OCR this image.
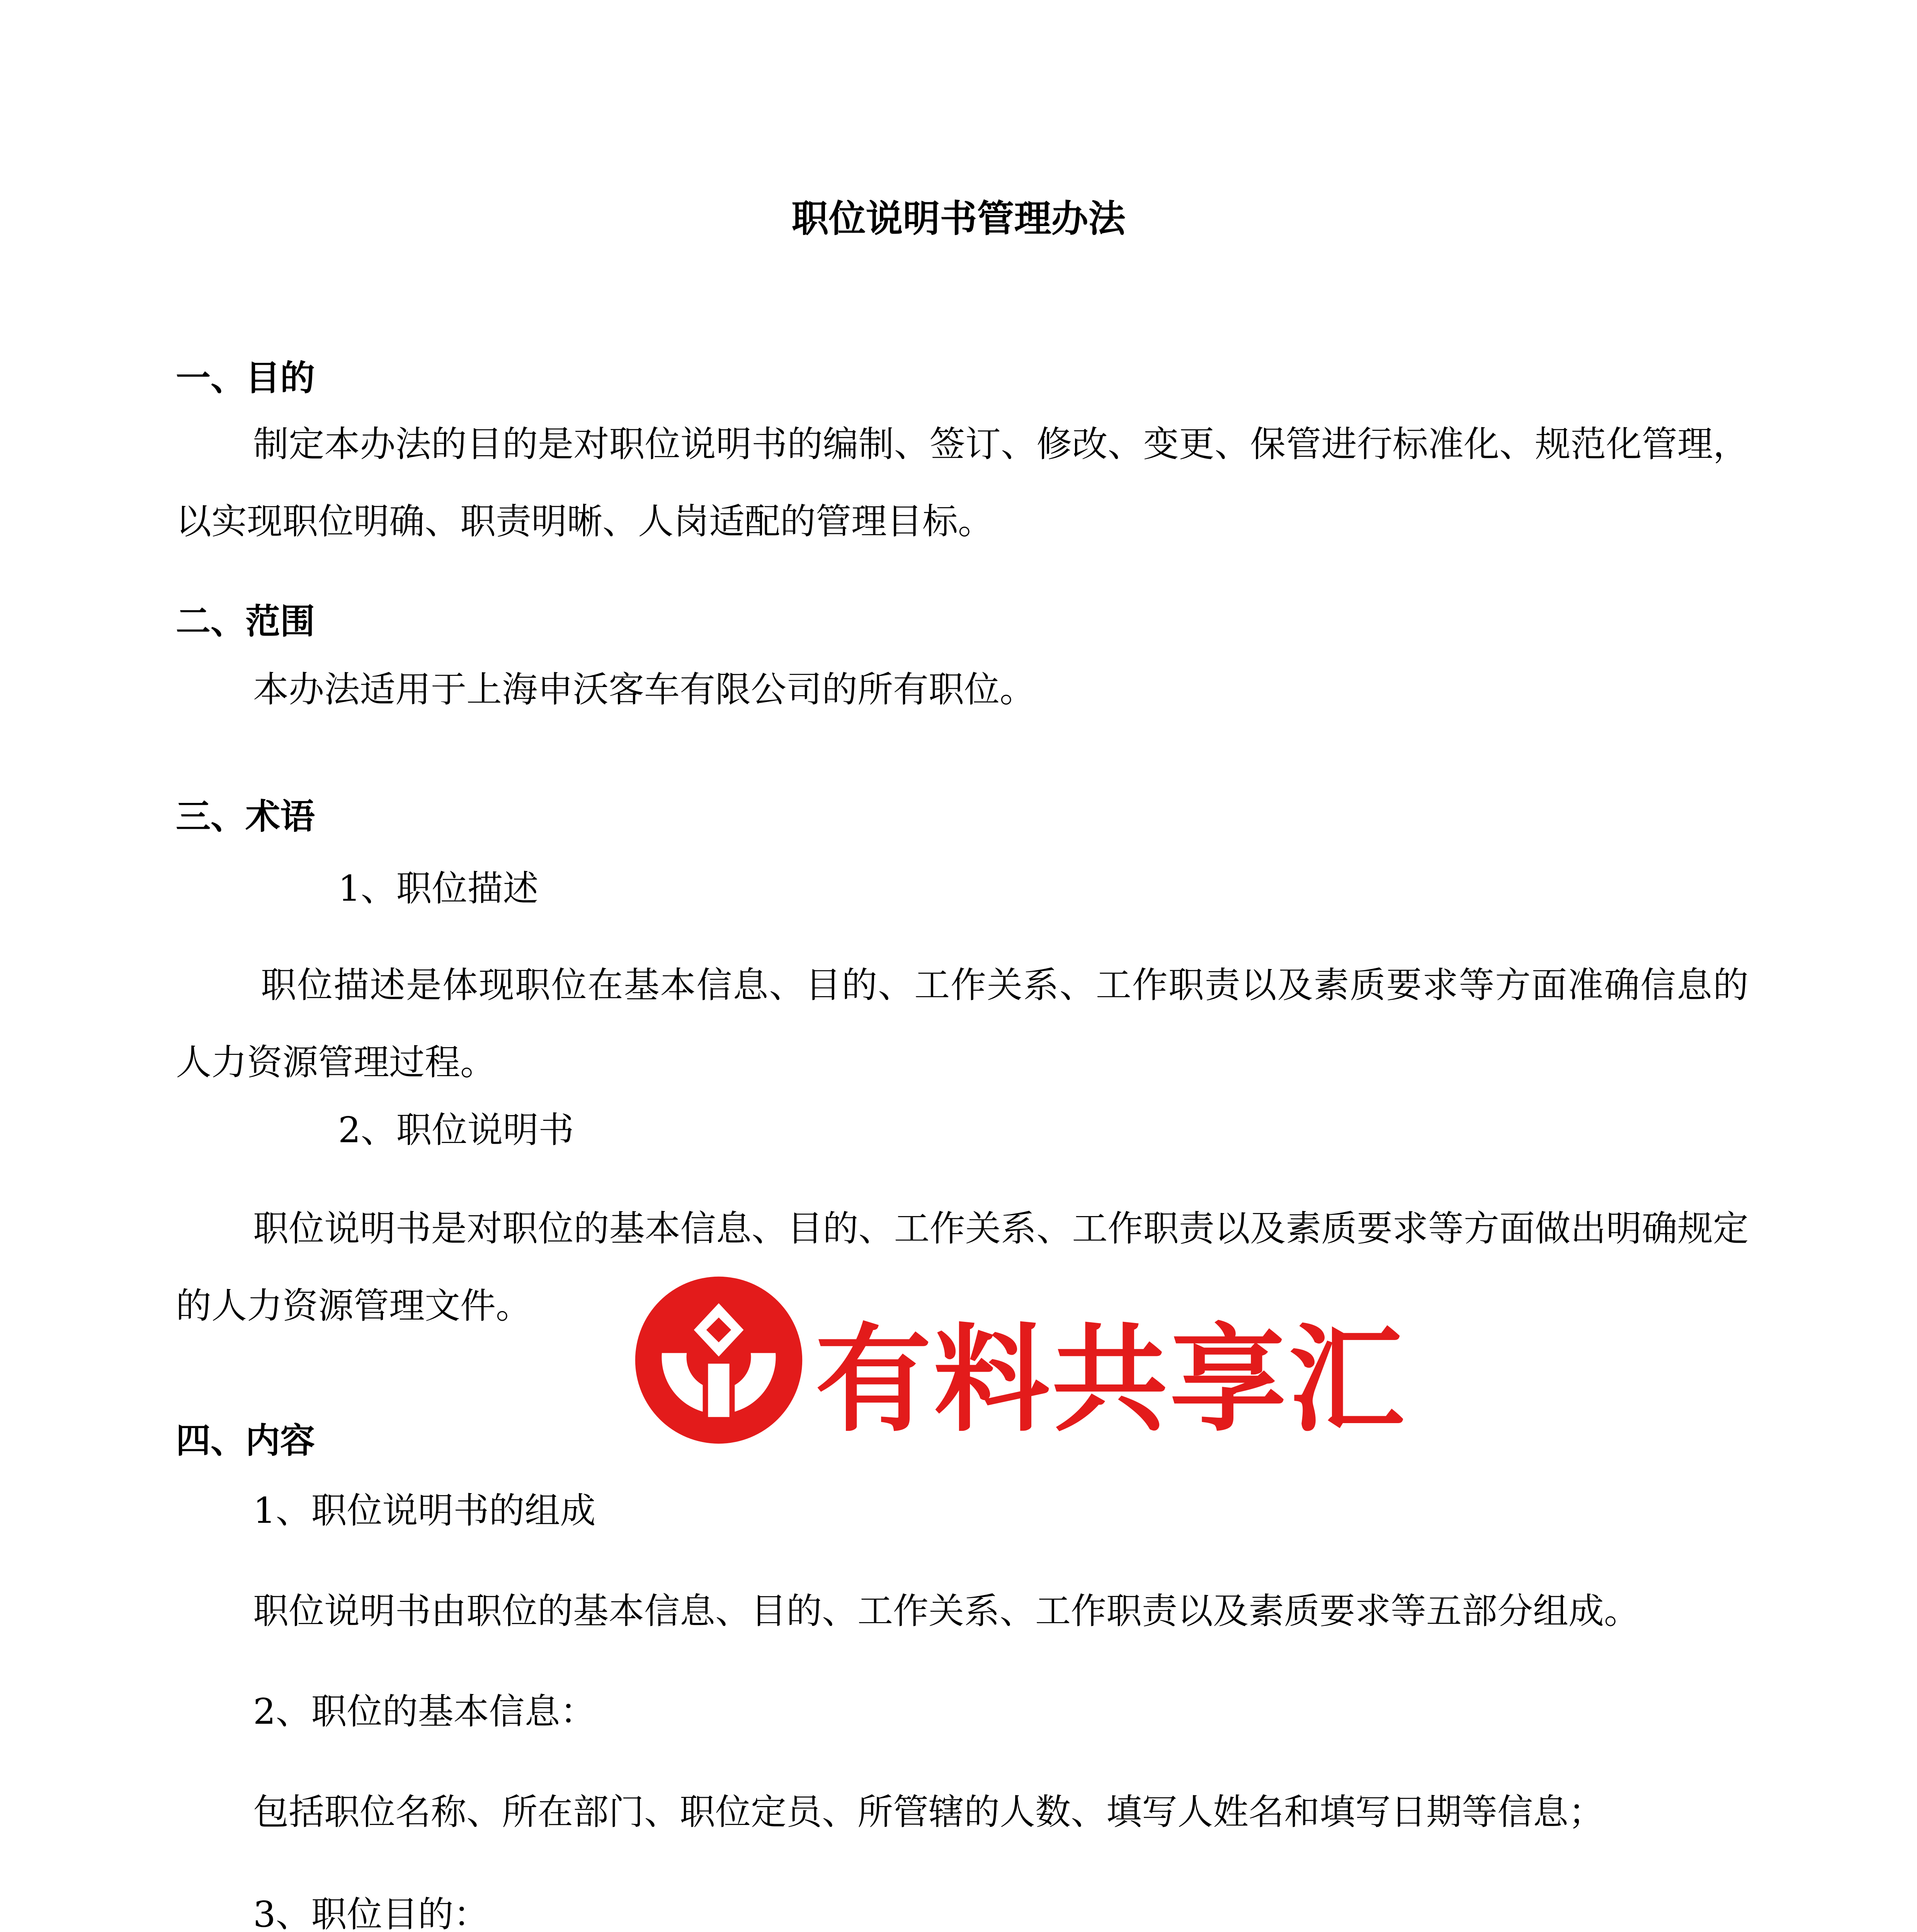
职位说明书管理办法
一、目的

制定本办法的目的是对职位说明书的编制、签订、修改、变更、保管进行标准化、规范化管理，以实现职位明确、职责明晰、人岗适配的管理目标。

二、范围

本办法适用于上海申沃客车有限公司的所有职位。

三、术语
1、职位描述

职位描述是体现职位在基本信息、目的、工作关系、工作职责以及素质要求等方面准确信息的人力资源管理过程。

2、职位说明书

职位说明书是对职位的基本信息、目的、工作关系、工作职责以及素质要求等方面做出明确规定的人力资源管理文件。

四、内容
1、职位说明书的组成
职位说明书由职位的基本信息、目的、工作关系、工作职责以及素质要求等五部分组成。
2、职位的基本信息：
包括职位名称、所在部门、职位定员、所管辖的人数、填写人姓名和填写日期等信息；
3、职位目的：

有料共享汇
